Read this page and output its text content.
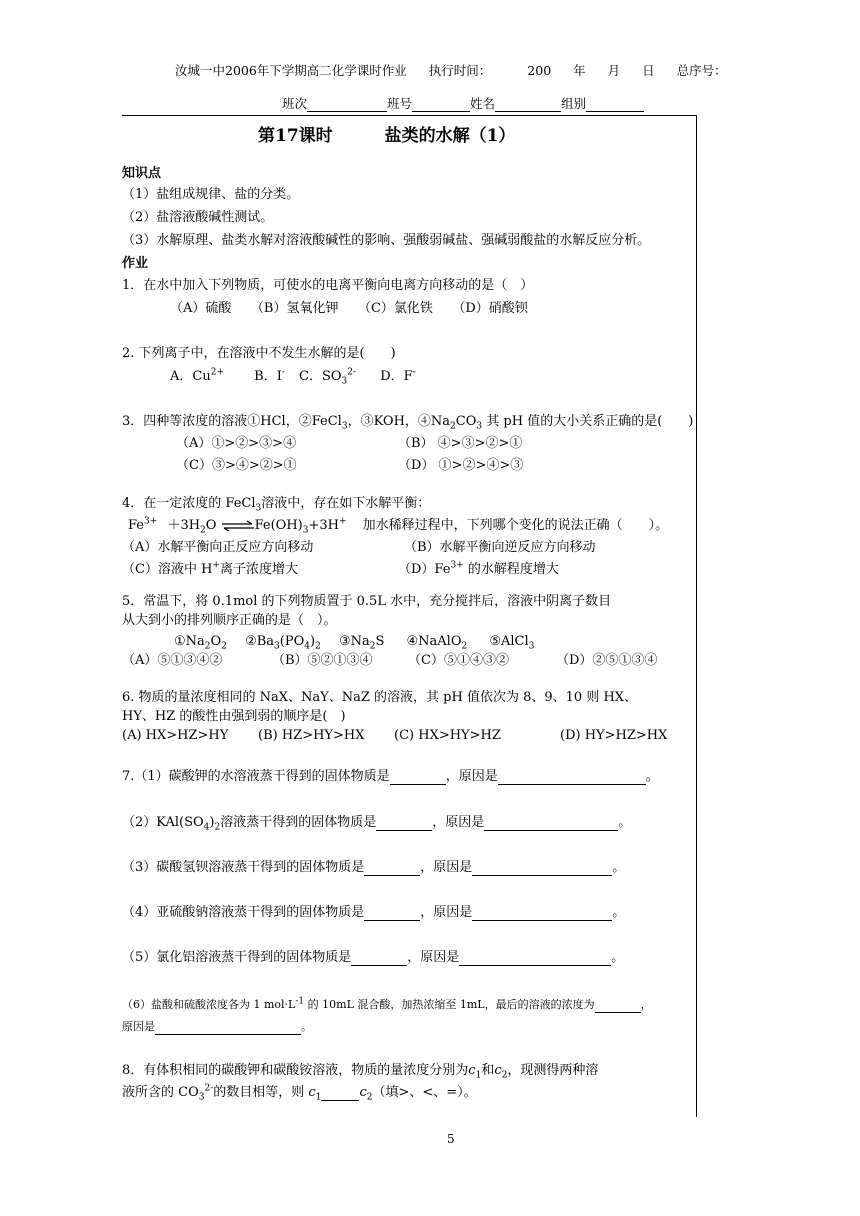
汝城一中2006年下学期高二化学课时作业 执行时间：	200 年 月 日 总序号：
班次	班号	姓名	组别
第17课时	盐类的水解（1）
知识点
（1）盐组成规律、盐的分类。
（2）盐溶液酸碱性测试。
（3）水解原理、盐类水解对溶液酸碱性的影响、强酸弱碱盐、强碱弱酸盐的水解反应分析。
作业
1．在水中加入下列物质，可使水的电离平衡向电离方向移动的是（　）
（A）硫酸　　（B）氢氧化钾　　（C）氯化铁　　（D）硝酸钡
2. 下列离子中，在溶液中不发生水解的是(　　)
A．$Cu^{2+}$ B．I- C．$SO_3^{2-}$ D．F-
3．四种等浓度的溶液①HCl，②FeCl$_3$，③KOH，$④Na_2CO_3$ 其 pH 值的大小关系正确的是(　　)
（A）①>②>③>④	（B） ④>③>②>①
（C）③>④>②>①	（D） ①>②>④>③
4．在一定浓度的 FeCl$_3$溶液中，存在如下水解平衡：
$Fe^{3+} +3H_2O$ $\rightleftharpoons Fe(OH)_3+3H^+$ 加水稀释过程中，下列哪个变化的说法正确（　　）。
（A）水解平衡向正反应方向移动	（B）水解平衡向逆反应方向移动
（C）溶液中 H+离子浓度增大	$(D)Fe^{3+}$ 的水解程度增大
5．常温下，将 0.1mol 的下列物质置于 0.5L 水中，充分搅拌后，溶液中阴离子数目
从大到小的排列顺序正确的是（　）。
$①Na_2O_2$ $②Ba_3(PO_4)_2$ $③Na_2S$ ④NaAlO$_2$ ⑤AlCl$_3$
（A）⑤①③④②	（B）⑤②①③④	（C）⑤①④③②	（D）②⑤①③④
6. 物质的量浓度相同的 NaX、NaY、NaZ 的溶液，其 pH 值依次为 8、9、10 则 HX、
HY、HZ 的酸性由强到弱的顺序是(　)
(A) HX>HZ>HY (B) HZ>HY>HX (C) HX>HY>HZ	(D) HY>HZ>HX
7.（1）碳酸钾的水溶液蒸干得到的固体物质是	，原因是	。
$(2)KAl(SO_4)_2$溶液蒸干得到的固体物质是	，原因是	。
（3）碳酸氢钡溶液蒸干得到的固体物质是	，原因是	。
（4）亚硫酸钠溶液蒸干得到的固体物质是	，原因是	。
（5）氯化铝溶液蒸干得到的固体物质是	，原因是	。
（6）盐酸和硫酸浓度各为 1 $mol\cdot L^{-1}$ 的 10mL 混合酸，加热浓缩至 1mL，最后的溶液的浓度为	，
原因是	。
8．有体积相同的碳酸钾和碳酸铵溶液，物质的量浓度分别为$c_1$和$c_2$，现测得两种溶
液所含的 $CO_3^{2-}$的数目相等，则 $c_1$	$c_2$（填>、<、=）。
5
